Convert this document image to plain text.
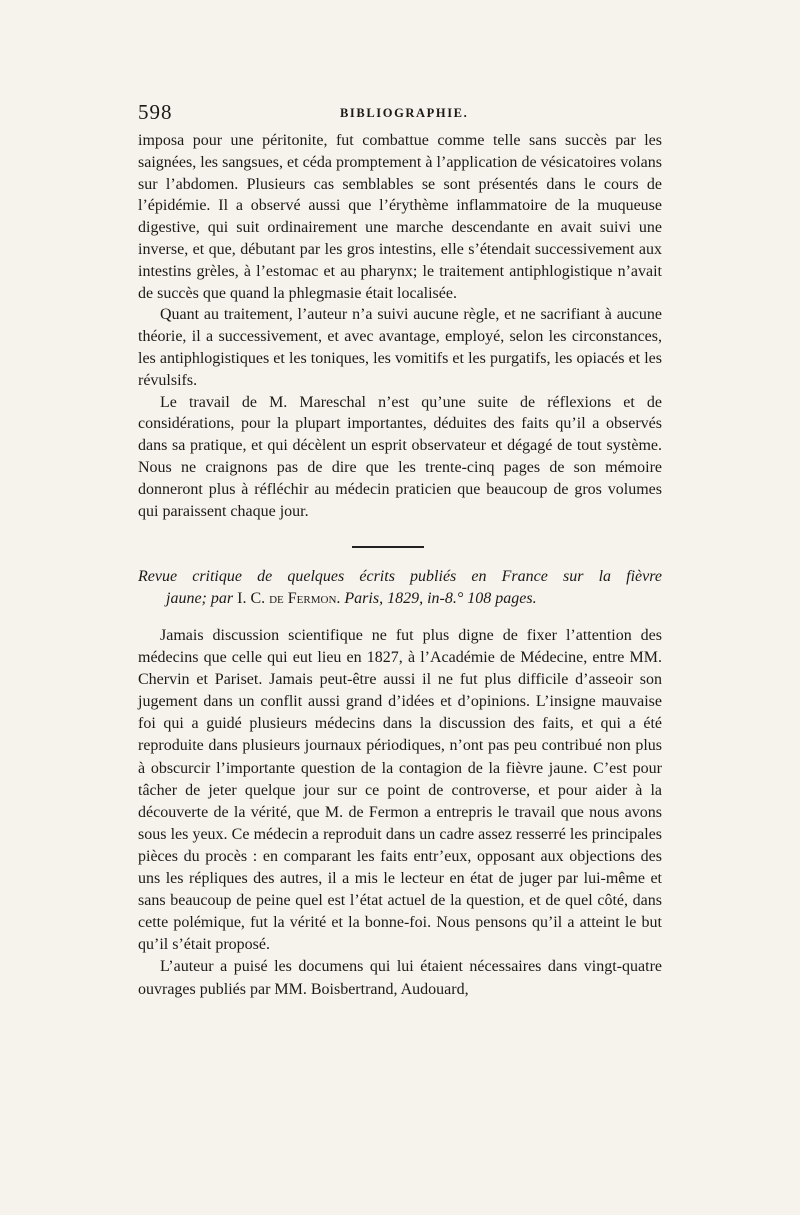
598	BIBLIOGRAPHIE.

imposa pour une péritonite, fut combattue comme telle sans succès par les saignées, les sangsues, et céda promptement à l’application de vésicatoires volans sur l’abdomen. Plusieurs cas semblables se sont présentés dans le cours de l’épidémie. Il a observé aussi que l’érythème inflammatoire de la muqueuse digestive, qui suit ordinairement une marche descendante en avait suivi une inverse, et que, débutant par les gros intestins, elle s’étendait successivement aux intestins grèles, à l’estomac et au pharynx; le traitement antiphlogistique n’avait de succès que quand la phlegmasie était localisée.

Quant au traitement, l’auteur n’a suivi aucune règle, et ne sacrifiant à aucune théorie, il a successivement, et avec avantage, employé, selon les circonstances, les antiphlogistiques et les toniques, les vomitifs et les purgatifs, les opiacés et les révulsifs.

Le travail de M. Mareschal n’est qu’une suite de réflexions et de considérations, pour la plupart importantes, déduites des faits qu’il a observés dans sa pratique, et qui décèlent un esprit observateur et dégagé de tout système. Nous ne craignons pas de dire que les trente-cinq pages de son mémoire donneront plus à réfléchir au médecin praticien que beaucoup de gros volumes qui paraissent chaque jour.

Revue critique de quelques écrits publiés en France sur la fièvre
jaune; par I. C. de Fermon. Paris, 1829, in-8.° 108 pages.

Jamais discussion scientifique ne fut plus digne de fixer l’attention des médecins que celle qui eut lieu en 1827, à l’Académie de Médecine, entre MM. Chervin et Pariset. Jamais peut-être aussi il ne fut plus difficile d’asseoir son jugement dans un conflit aussi grand d’idées et d’opinions. L’insigne mauvaise foi qui a guidé plusieurs médecins dans la discussion des faits, et qui a été reproduite dans plusieurs journaux périodiques, n’ont pas peu contribué non plus à obscurcir l’importante question de la contagion de la fièvre jaune. C’est pour tâcher de jeter quelque jour sur ce point de controverse, et pour aider à la découverte de la vérité, que M. de Fermon a entrepris le travail que nous avons sous les yeux. Ce médecin a reproduit dans un cadre assez resserré les principales pièces du procès : en comparant les faits entr’eux, opposant aux objections des uns les répliques des autres, il a mis le lecteur en état de juger par lui-même et sans beaucoup de peine quel est l’état actuel de la question, et de quel côté, dans cette polémique, fut la vérité et la bonne-foi. Nous pensons qu’il a atteint le but qu’il s’était proposé.

L’auteur a puisé les documens qui lui étaient nécessaires dans vingt-quatre ouvrages publiés par MM. Boisbertrand, Audouard,
